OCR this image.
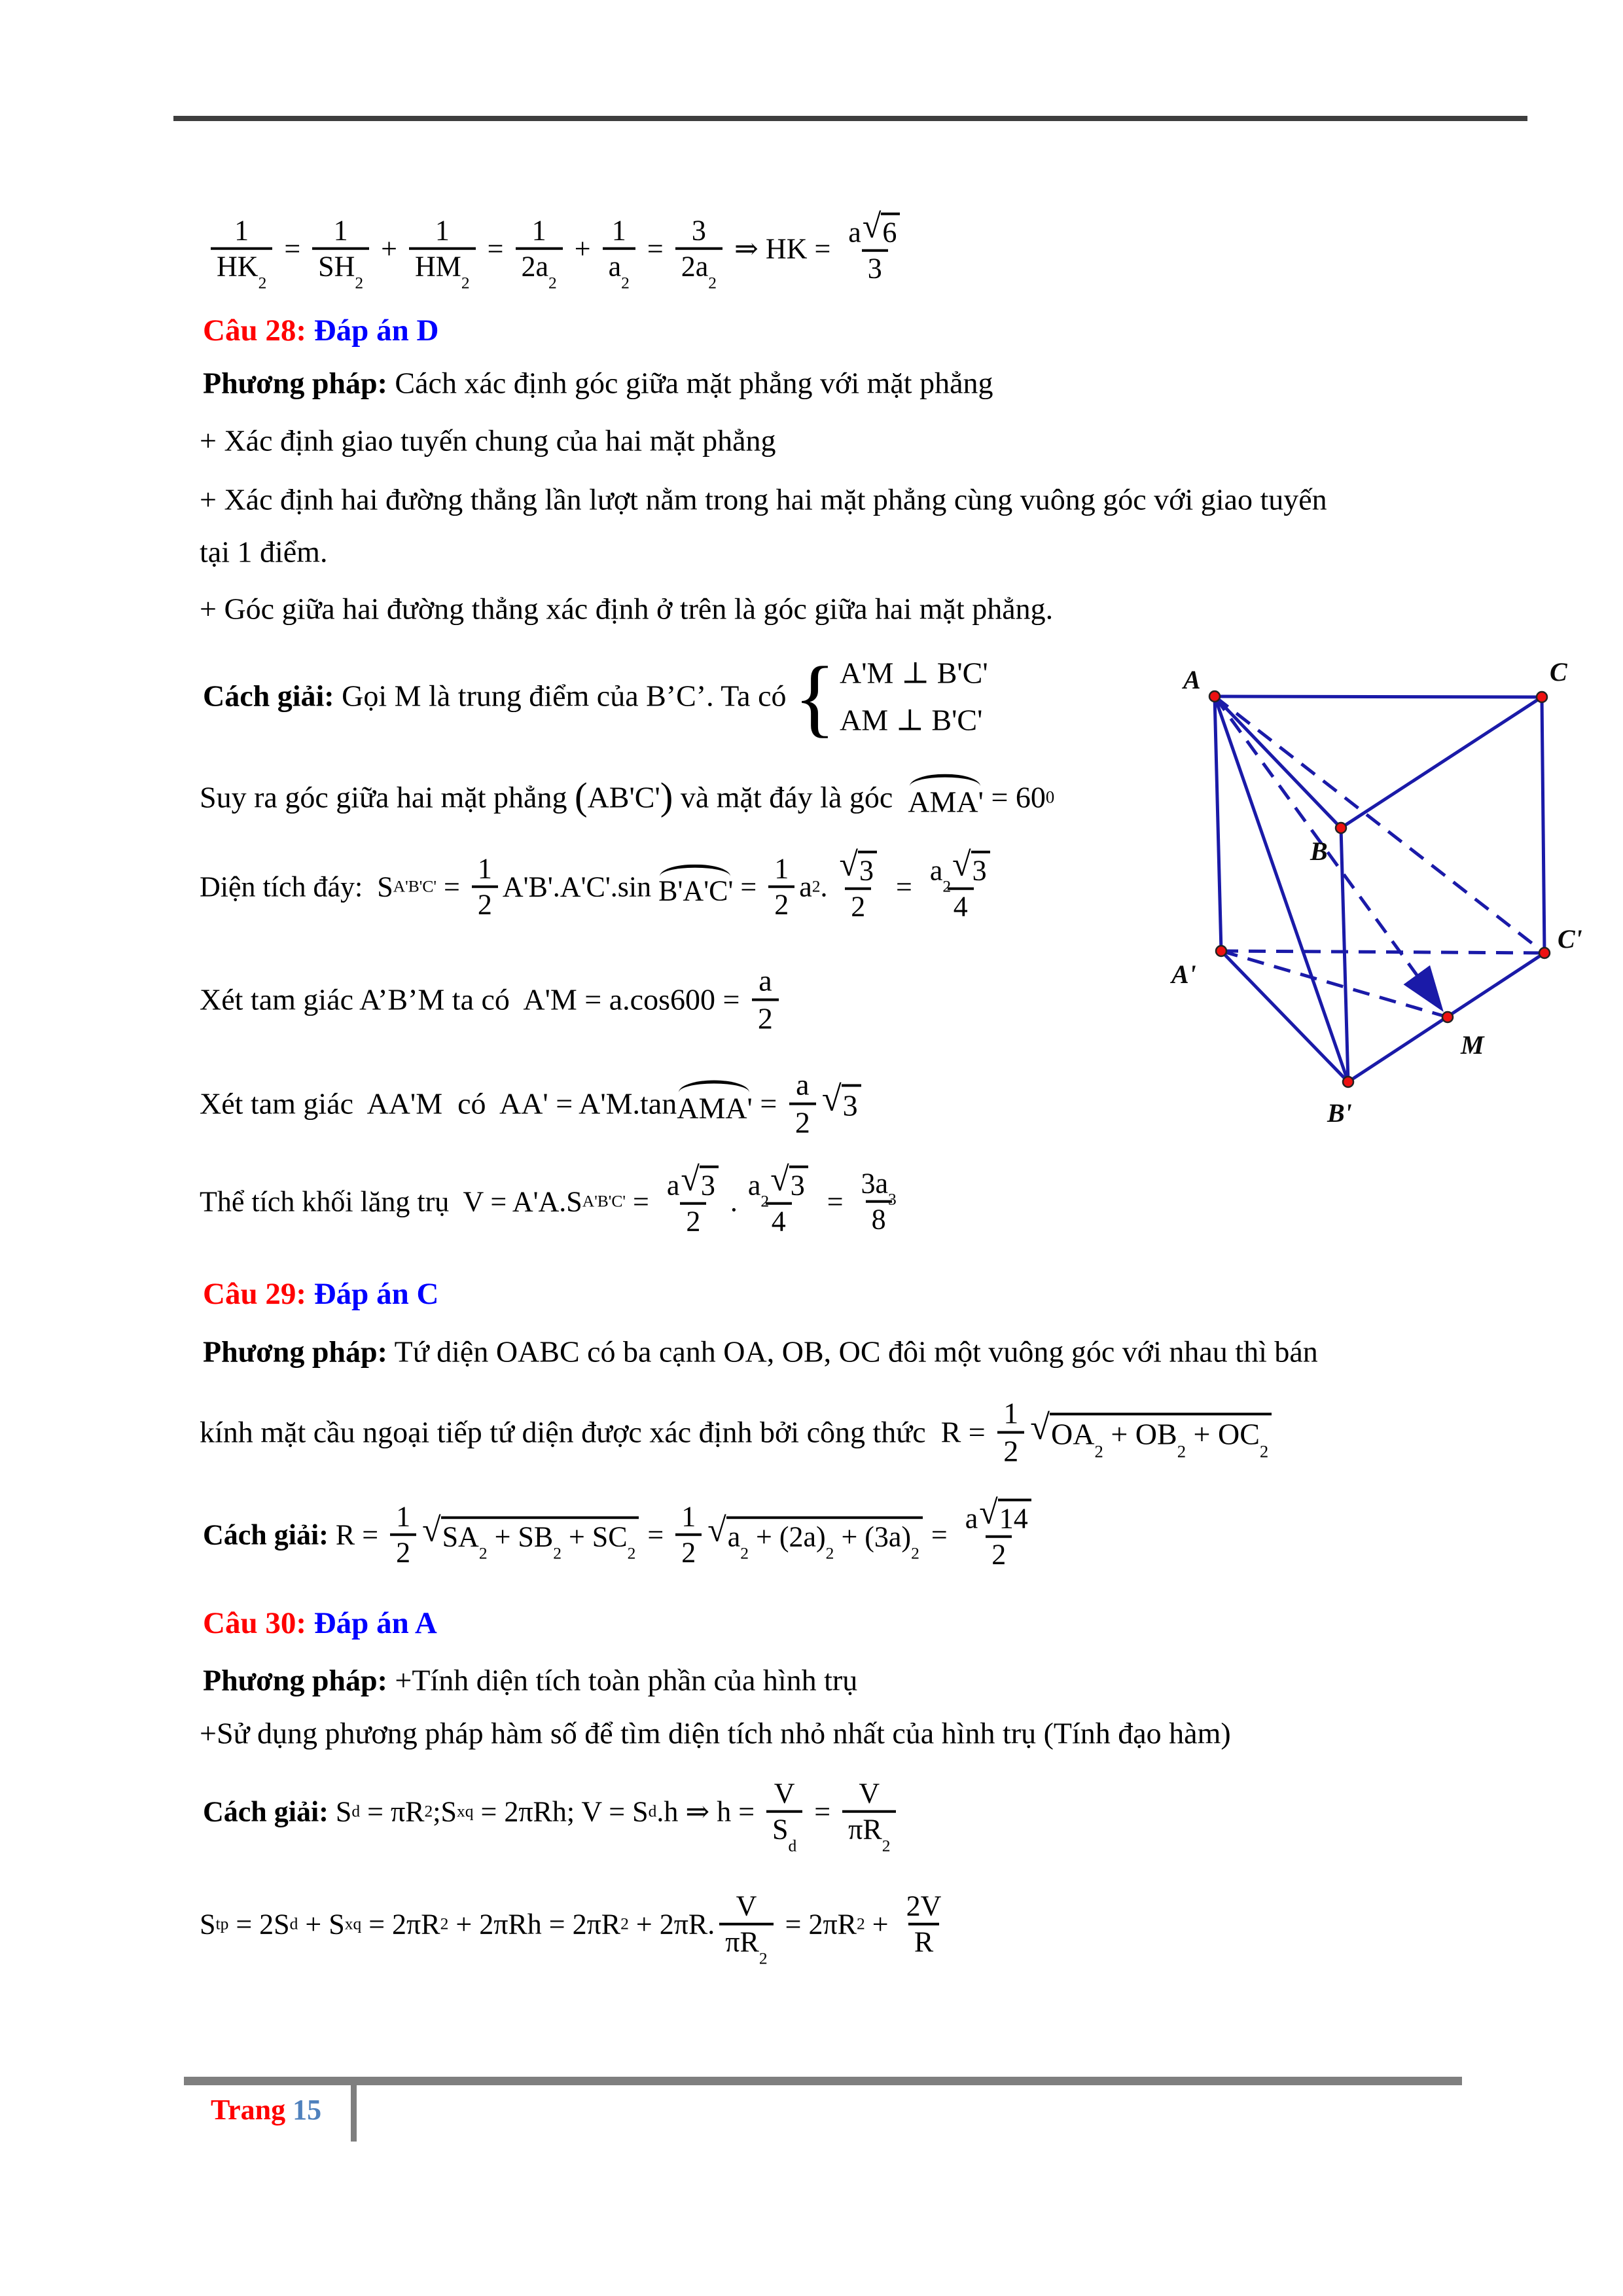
$\frac{1}{HK 2} = \frac{1}{SH 2} + \frac{1}{HM 2} = \frac{1}{2a 2} + \frac{1}{a 2} = \frac{3}{2a 2}$ ⇒ HK = $\frac{a √ 6}{3}$
Câu 28: Đáp án D
Phương pháp: Cách xác định góc giữa mặt phẳng với mặt phẳng
+ Xác định giao tuyến chung của hai mặt phẳng
+ Xác định hai đường thẳng lần lượt nằm trong hai mặt phẳng cùng vuông góc với giao tuyến
tại 1 điểm.
+ Góc giữa hai đường thẳng xác định ở trên là góc giữa hai mặt phẳng.
Cách giải: Gọi M là trung điểm của B’C’. Ta có { A'M ⊥ B'C'
AM ⊥ B'C'
Suy ra góc giữa hai mặt phẳng ( AB'C' ) và mặt đáy là góc AMA' = 60 0
Diện tích đáy:  S $A'B'C' = \frac{1}{2} A'B'.A'C'.\sin$ $B'A'C' = \frac{1}{2}$ a 2 . $\frac{√ 3}{2} = a$ 2
√ 3
4
Xét tam giác A’B’M ta có  $A'M = a.\cos 600 = \frac{a}{2}$
Xét tam giác  AA'M  có  AA' = A'M.tan $AMA' = \frac{a}{2}$ √ 3
Thể tích khối lăng trụ  V = A'A.S $A'B'C' = \frac{a √ 3}{2}$ . a 2
√ 3
$4 = \frac{3a 3}{8}$
Câu 29: Đáp án C
Phương pháp: Tứ diện OABC có ba cạnh OA, OB, OC đôi một vuông góc với nhau thì bán
kính mặt cầu ngoại tiếp tứ diện được xác định bởi công thức  $R = \frac{1}{2}$ √ OA
2
+ OB
2
+ OC
2
Cách giải: $R = \frac{1}{2}$ √ SA
2
+ SB
2
+ SC
2
= $\frac{1}{2}$ √ a
2
+ (2a)
2
+ (3a)
2
= $\frac{a √ 14}{2}$
Câu 30: Đáp án A
Phương pháp: +Tính diện tích toàn phần của hình trụ
+Sử dụng phương pháp hàm số để tìm diện tích nhỏ nhất của hình trụ (Tính đạo hàm)
Cách giải: S d = πR 2 ;S xq = 2πRh; V = S d .h ⇒ $h = \frac{V}{\text{S d}} = \frac{V}{\pi R 2}$
S tp = 2S d + S xq = 2πR 2 + 2πRh = 2πR 2 + 2πR. $\frac{V}{\pi R 2} = 2\pi R$ $2 + \frac{2V}{R}$
A	C
B
A'
C'
B'
M
Trang 15
